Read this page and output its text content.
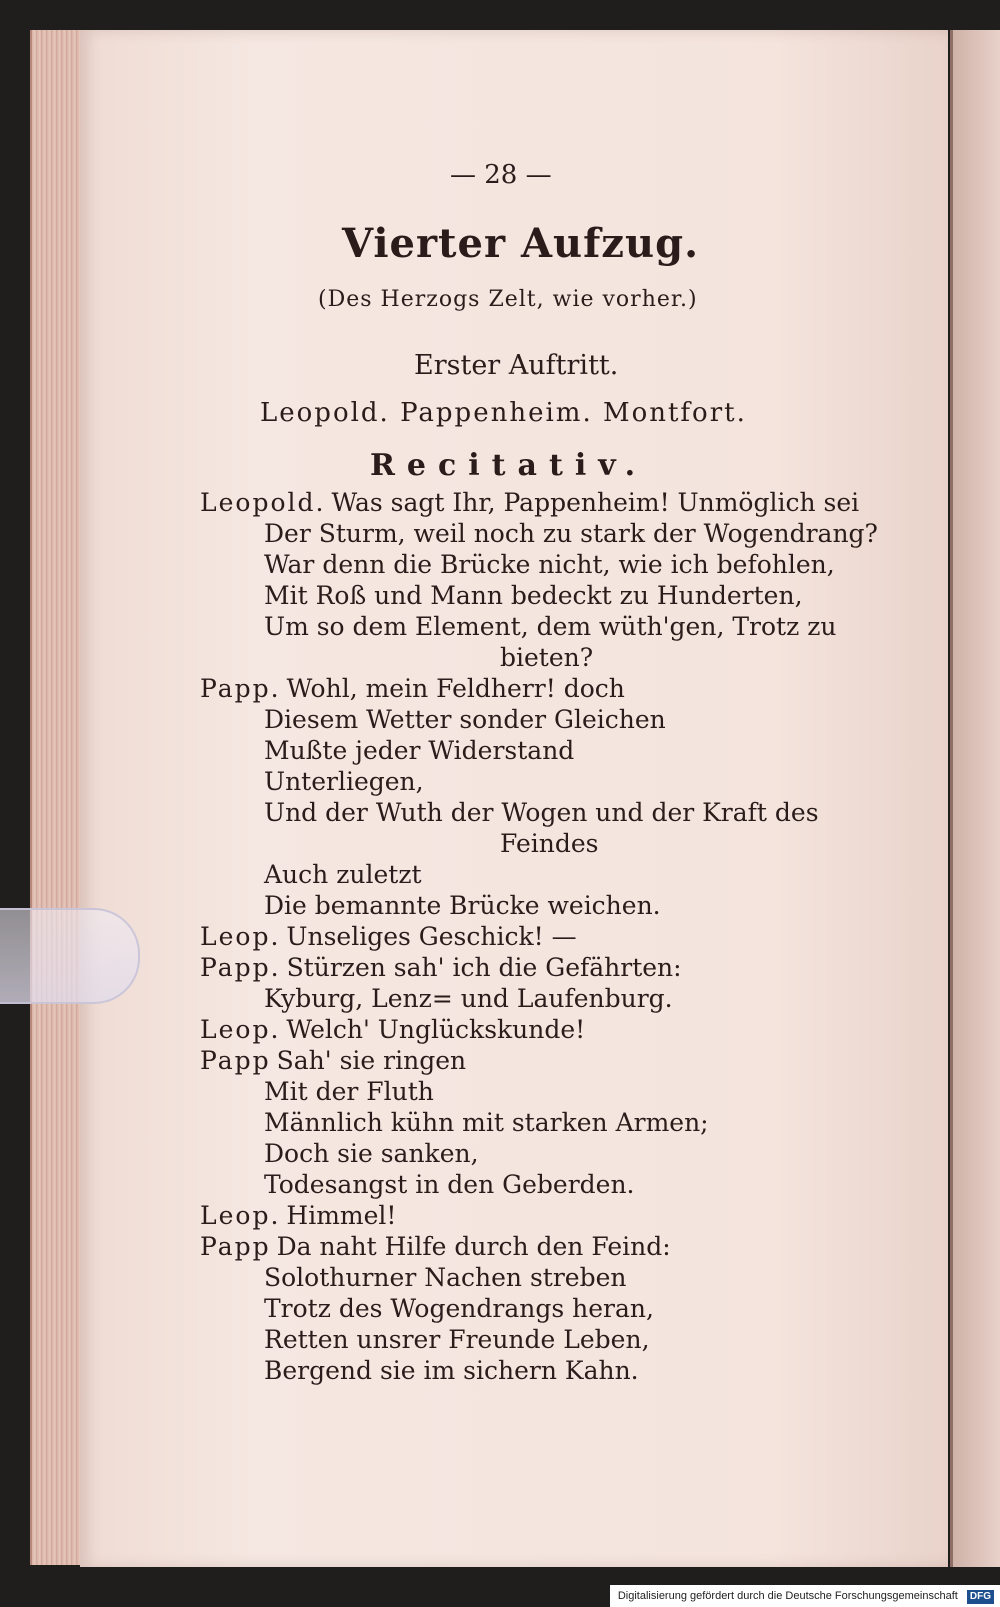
— 28 —
Vierter Aufzug.
(Des Herzogs Zelt, wie vorher.)
Erster Auftritt.
Leopold. Pappenheim. Montfort.
Recitativ.
Leopold. Was sagt Ihr, Pappenheim! Unmöglich sei
Der Sturm, weil noch zu stark der Wogendrang?
War denn die Brücke nicht, wie ich befohlen,
Mit Roß und Mann bedeckt zu Hunderten,
Um so dem Element, dem wüth'gen, Trotz zu
bieten?
Papp. Wohl, mein Feldherr! doch
Diesem Wetter sonder Gleichen
Mußte jeder Widerstand
Unterliegen,
Und der Wuth der Wogen und der Kraft des
Feindes
Auch zuletzt
Die bemannte Brücke weichen.
Leop. Unseliges Geschick! —
Papp. Stürzen sah' ich die Gefährten:
Kyburg, Lenz= und Laufenburg.
Leop. Welch' Unglückskunde!
Papp Sah' sie ringen
Mit der Fluth
Männlich kühn mit starken Armen;
Doch sie sanken,
Todesangst in den Geberden.
Leop. Himmel!
Papp Da naht Hilfe durch den Feind:
Solothurner Nachen streben
Trotz des Wogendrangs heran,
Retten unsrer Freunde Leben,
Bergend sie im sichern Kahn.
Digitalisierung gefördert durch die Deutsche Forschungsgemeinschaft DFG
